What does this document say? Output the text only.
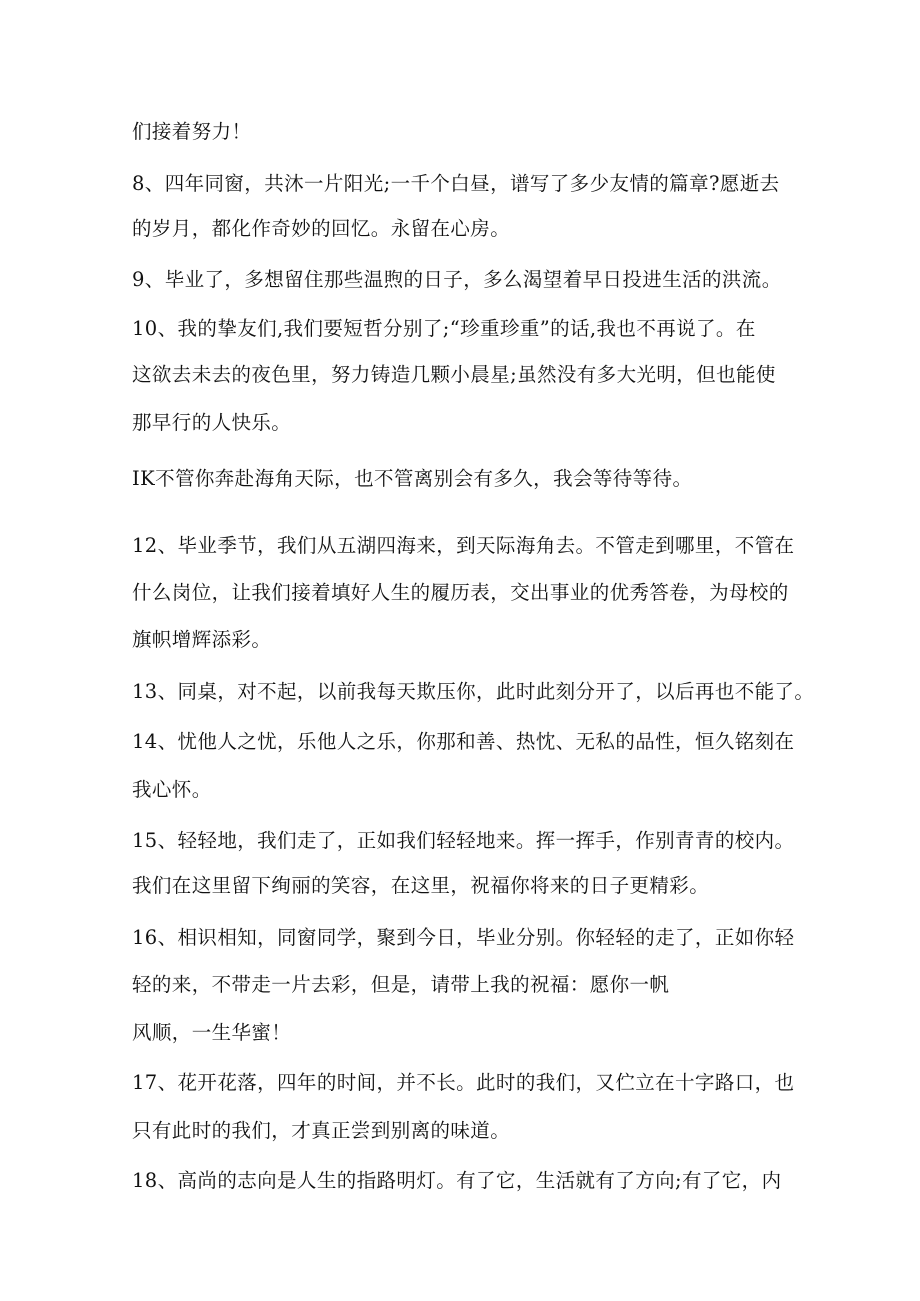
们接着努力！
8、四年同窗，共沐一片阳光;一千个白昼，谱写了多少友情的篇章?愿逝去
的岁月，都化作奇妙的回忆。永留在心房。
9、毕业了，多想留住那些温煦的日子，多么渴望着早日投进生活的洪流。
10、我的挚友们,我们要短哲分别了;“珍重珍重”的话,我也不再说了。在
这欲去未去的夜色里，努力铸造几颗小晨星;虽然没有多大光明，但也能使
那早行的人快乐。
IK不管你奔赴海角天际，也不管离别会有多久，我会等待等待。
12、毕业季节，我们从五湖四海来，到天际海角去。不管走到哪里，不管在
什么岗位，让我们接着填好人生的履历表，交出事业的优秀答卷，为母校的
旗帜增辉添彩。
13、同桌，对不起，以前我每天欺压你，此时此刻分开了，以后再也不能了。
14、忧他人之忧，乐他人之乐，你那和善、热忱、无私的品性，恒久铭刻在
我心怀。
15、轻轻地，我们走了，正如我们轻轻地来。挥一挥手，作别青青的校内。
我们在这里留下绚丽的笑容，在这里，祝福你将来的日子更精彩。
16、相识相知，同窗同学，聚到今日，毕业分别。你轻轻的走了，正如你轻
轻的来，不带走一片去彩，但是，请带上我的祝福：愿你一帆
风顺，一生华蜜！
17、花开花落，四年的时间，并不长。此时的我们，又伫立在十字路口，也
只有此时的我们，才真正尝到别离的味道。
18、高尚的志向是人生的指路明灯。有了它，生活就有了方向;有了它，内
